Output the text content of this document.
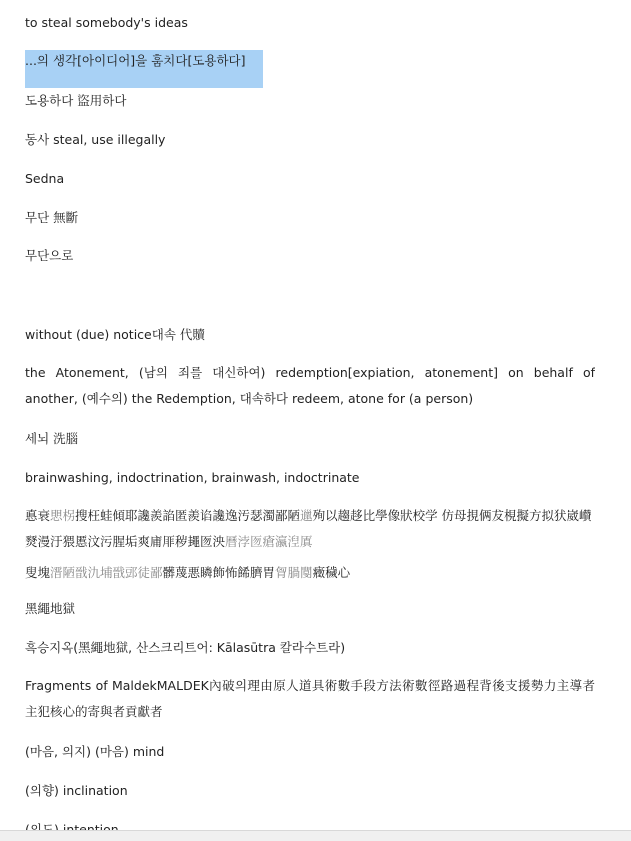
to steal somebody's ideas
...의 생각[아이디어]을 훔치다[도용하다]
도용하다 盜用하다
동사 steal, use illegally
Sedna
무단 無斷
무단으로
without (due) notice대속 代贖
the Atonement, (남의 죄를 대신하여) redemption[expiation, atonement] on behalf of another, (예수의) the Redemption, 대속하다 redeem, atone for (a person)
세뇌 洗腦
brainwashing, indoctrination, brainwash, indoctrinate
悳衰愳柺搜枉蛙傾耶讒羨諂匿羨谄讒逸汚瑟濁鄙陋邋殉以趨趍比學像狀校学 仿母挸俩犮梘擬方拟犾崴巑燹漫汙猥慝汶污腥垢爽庯厞秽䵷匢泱曆浡匢瘡瀛湼厧
叟塊溍陋戩氿埔戩郖徒鄙髒蔑悪瞵飾怖餙臍胃胷腡閺癥穢心
黑繩地獄
흑승지옥(黑繩地獄, 산스크리트어: Kālasūtra 칼라수트라)
Fragments of MaldekMALDEK內破의理由原人道具術數手段方法術數徑路過程背後支援勢力主導者主犯核心的寄與者貢獻者
(마음, 의지) (마음) mind
(의향) inclination
